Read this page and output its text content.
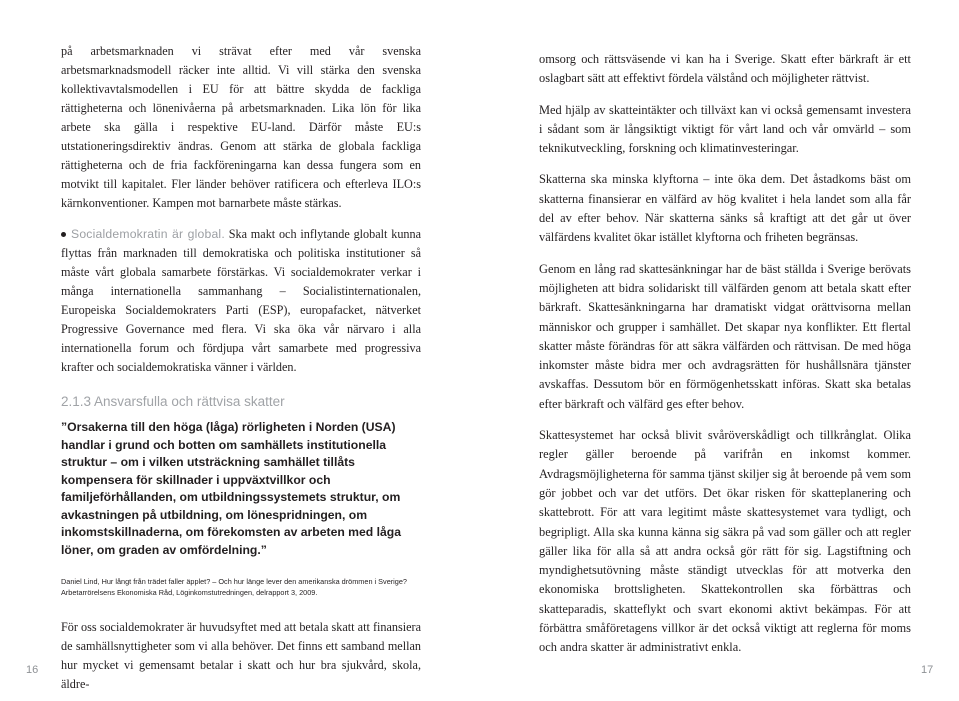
på arbetsmarknaden vi strävat efter med vår svenska arbetsmarknadsmodell räcker inte alltid. Vi vill stärka den svenska kollektivavtalsmodellen i EU för att bättre skydda de fackliga rättigheterna och lönenivåerna på arbetsmarknaden. Lika lön för lika arbete ska gälla i respektive EU-land. Därför måste EU:s utstationeringsdirektiv ändras. Genom att stärka de globala fackliga rättigheterna och de fria fackföreningarna kan dessa fungera som en motvikt till kapitalet. Fler länder behöver ratificera och efterleva ILO:s kärnkonventioner. Kampen mot barnarbete måste stärkas.

Socialdemokratin är global. Ska makt och inflytande globalt kunna flyttas från marknaden till demokratiska och politiska institutioner så måste vårt globala samarbete förstärkas. Vi socialdemokrater verkar i många internationella sammanhang – Socialistinternationalen, Europeiska Socialdemokraters Parti (ESP), europafacket, nätverket Progressive Governance med flera. Vi ska öka vår närvaro i alla internationella forum och fördjupa vårt samarbete med progressiva krafter och socialdemokratiska vänner i världen.

2.1.3 Ansvarsfulla och rättvisa skatter

”Orsakerna till den höga (låga) rörligheten i Norden (USA) handlar i grund och botten om samhällets institutionella struktur – om i vilken utsträckning samhället tillåts kompensera för skillnader i uppväxtvillkor och familjeförhållanden, om utbildningssystemets struktur, om avkastningen på utbildning, om lönespridningen, om inkomstskillnaderna, om förekomsten av arbeten med låga löner, om graden av omfördelning.”

Daniel Lind, Hur långt från trädet faller äpplet? – Och hur länge lever den amerikanska drömmen i Sverige?
Arbetarrörelsens Ekonomiska Råd, Löginkomstutredningen, delrapport 3, 2009.

För oss socialdemokrater är huvudsyftet med att betala skatt att finansiera de samhällsnyttigheter som vi alla behöver. Det finns ett samband mellan hur mycket vi gemensamt betalar i skatt och hur bra sjukvård, skola, äldre-

16

omsorg och rättsväsende vi kan ha i Sverige. Skatt efter bärkraft är ett oslagbart sätt att effektivt fördela välstånd och möjligheter rättvist.

Med hjälp av skatteintäkter och tillväxt kan vi också gemensamt investera i sådant som är långsiktigt viktigt för vårt land och vår omvärld – som teknikutveckling, forskning och klimatinvesteringar.

Skatterna ska minska klyftorna – inte öka dem. Det åstadkoms bäst om skatterna finansierar en välfärd av hög kvalitet i hela landet som alla får del av efter behov. När skatterna sänks så kraftigt att det går ut över välfärdens kvalitet ökar istället klyftorna och friheten begränsas.

Genom en lång rad skattesänkningar har de bäst ställda i Sverige berövats möjligheten att bidra solidariskt till välfärden genom att betala skatt efter bärkraft. Skattesänkningarna har dramatiskt vidgat orättvisorna mellan människor och grupper i samhället. Det skapar nya konflikter. Ett flertal skatter måste förändras för att säkra välfärden och rättvisan. De med höga inkomster måste bidra mer och avdragsrätten för hushållsnära tjänster avskaffas. Dessutom bör en förmögenhetsskatt införas. Skatt ska betalas efter bärkraft och välfärd ges efter behov.

Skattesystemet har också blivit svåröverskådligt och tillkrånglat. Olika regler gäller beroende på varifrån en inkomst kommer. Avdragsmöjligheterna för samma tjänst skiljer sig åt beroende på vem som gör jobbet och var det utförs. Det ökar risken för skatteplanering och skattebrott. För att vara legitimt måste skattesystemet vara tydligt, och begripligt. Alla ska kunna känna sig säkra på vad som gäller och att regler gäller lika för alla så att andra också gör rätt för sig. Lagstiftning och myndighetsutövning måste ständigt utvecklas för att motverka den ekonomiska brottsligheten. Skattekontrollen ska förbättras och skatteparadis, skatteflykt och svart ekonomi aktivt bekämpas. För att förbättra småföretagens villkor är det också viktigt att reglerna för moms och andra skatter är administrativt enkla.

17
